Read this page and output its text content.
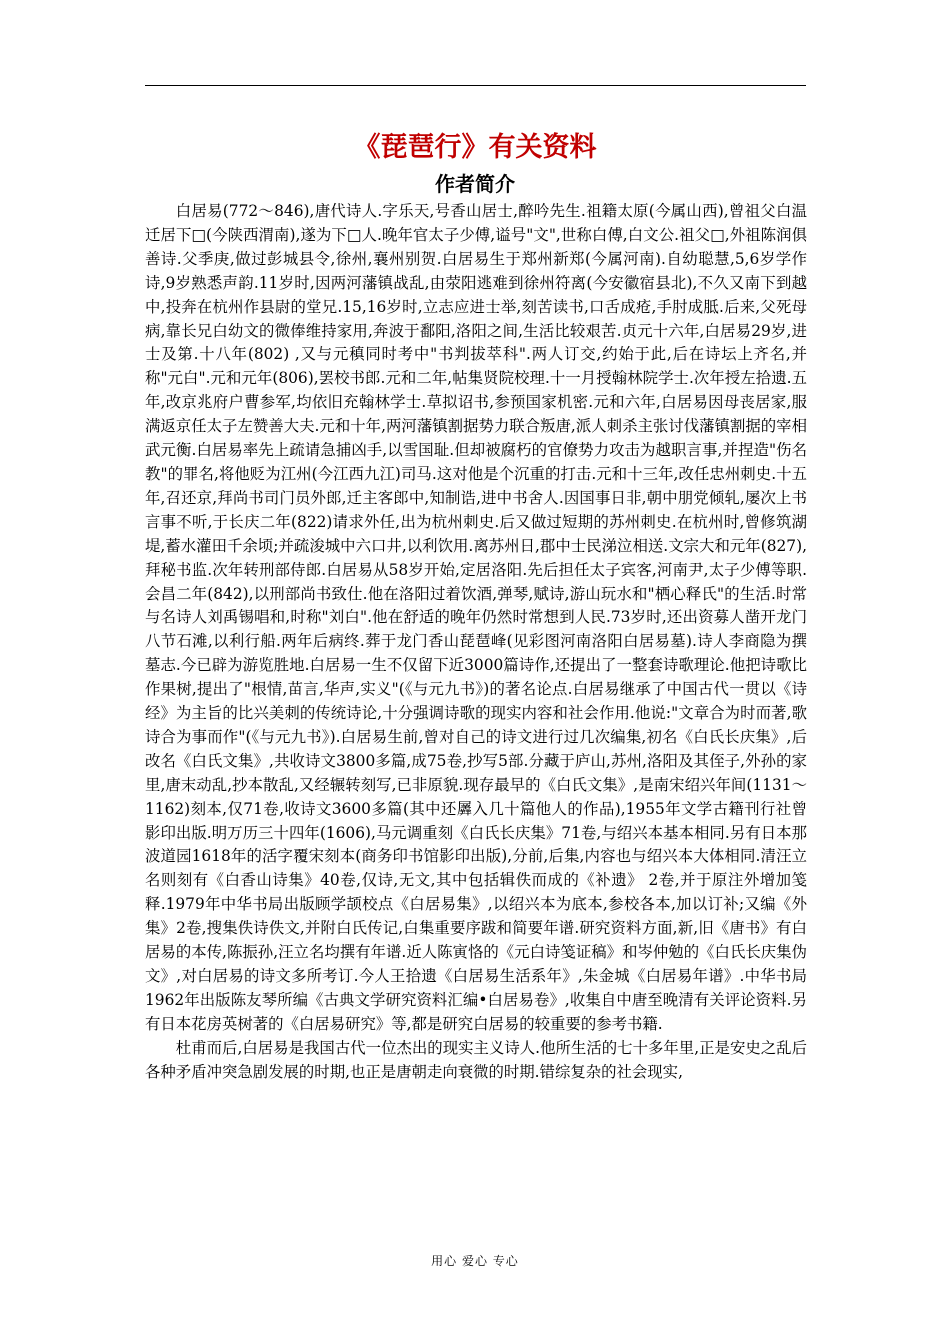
《琵琶行》有关资料
作者简介

白居易(772～846),唐代诗人.字乐天,号香山居士,醉吟先生.祖籍太原(今属山西),曾祖父白温迁居下□(今陕西渭南),遂为下□人.晚年官太子少傅,谥号"文",世称白傅,白文公.祖父□,外祖陈润俱善诗.父季庚,做过彭城县令,徐州,襄州别贺.白居易生于郑州新郑(今属河南).自幼聪慧,5,6岁学作诗,9岁熟悉声韵.11岁时,因两河藩镇战乱,由荥阳逃难到徐州符离(今安徽宿县北),不久又南下到越中,投奔在杭州作县尉的堂兄.15,16岁时,立志应进士举,刻苦读书,口舌成疮,手肘成胝.后来,父死母病,靠长兄白幼文的微俸维持家用,奔波于鄱阳,洛阳之间,生活比较艰苦.贞元十六年,白居易29岁,进士及第.十八年(802) ,又与元稹同时考中"书判拔萃科".两人订交,约始于此,后在诗坛上齐名,并称"元白".元和元年(806),罢校书郎.元和二年,帖集贤院校理.十一月授翰林院学士.次年授左拾遗.五年,改京兆府户曹参军,均依旧充翰林学士.草拟诏书,参预国家机密.元和六年,白居易因母丧居家,服满返京任太子左赞善大夫.元和十年,两河藩镇割据势力联合叛唐,派人刺杀主张讨伐藩镇割据的宰相武元衡.白居易率先上疏请急捕凶手,以雪国耻.但却被腐朽的官僚势力攻击为越职言事,并捏造"伤名教"的罪名,将他贬为江州(今江西九江)司马.这对他是个沉重的打击.元和十三年,改任忠州刺史.十五年,召还京,拜尚书司门员外郎,迁主客郎中,知制诰,进中书舍人.因国事日非,朝中朋党倾轧,屡次上书言事不听,于长庆二年(822)请求外任,出为杭州刺史.后又做过短期的苏州刺史.在杭州时,曾修筑湖堤,蓄水灌田千余顷;并疏浚城中六口井,以利饮用.离苏州日,郡中士民涕泣相送.文宗大和元年(827),拜秘书监.次年转刑部侍郎.白居易从58岁开始,定居洛阳.先后担任太子宾客,河南尹,太子少傅等职.会昌二年(842),以刑部尚书致仕.他在洛阳过着饮酒,弹琴,赋诗,游山玩水和"栖心释氏"的生活.时常与名诗人刘禹锡唱和,时称"刘白".他在舒适的晚年仍然时常想到人民.73岁时,还出资募人凿开龙门八节石滩,以利行船.两年后病终.葬于龙门香山琵琶峰(见彩图河南洛阳白居易墓).诗人李商隐为撰墓志.今已辟为游览胜地.白居易一生不仅留下近3000篇诗作,还提出了一整套诗歌理论.他把诗歌比作果树,提出了"根情,苗言,华声,实义"(《与元九书》)的著名论点.白居易继承了中国古代一贯以《诗经》为主旨的比兴美刺的传统诗论,十分强调诗歌的现实内容和社会作用.他说:"文章合为时而著,歌诗合为事而作"(《与元九书》).白居易生前,曾对自己的诗文进行过几次编集,初名《白氏长庆集》,后改名《白氏文集》,共收诗文3800多篇,成75卷,抄写5部.分藏于庐山,苏州,洛阳及其侄子,外孙的家里,唐末动乱,抄本散乱,又经辗转刻写,已非原貌.现存最早的《白氏文集》,是南宋绍兴年间(1131～1162)刻本,仅71卷,收诗文3600多篇(其中还羼入几十篇他人的作品),1955年文学古籍刊行社曾影印出版.明万历三十四年(1606),马元调重刻《白氏长庆集》71卷,与绍兴本基本相同.另有日本那波道园1618年的活字覆宋刻本(商务印书馆影印出版),分前,后集,内容也与绍兴本大体相同.清汪立名则刻有《白香山诗集》40卷,仅诗,无文,其中包括辑佚而成的《补遗》 2卷,并于原注外增加笺释.1979年中华书局出版顾学颉校点《白居易集》,以绍兴本为底本,参校各本,加以订补;又编《外集》2卷,搜集佚诗佚文,并附白氏传记,白集重要序跋和简要年谱.研究资料方面,新,旧《唐书》有白居易的本传,陈振孙,汪立名均撰有年谱.近人陈寅恪的《元白诗笺证稿》和岑仲勉的《白氏长庆集伪文》,对白居易的诗文多所考订.今人王拾遗《白居易生活系年》,朱金城《白居易年谱》.中华书局1962年出版陈友琴所编《古典文学研究资料汇编•白居易卷》,收集自中唐至晚清有关评论资料.另有日本花房英树著的《白居易研究》等,都是研究白居易的较重要的参考书籍.

杜甫而后,白居易是我国古代一位杰出的现实主义诗人.他所生活的七十多年里,正是安史之乱后各种矛盾冲突急剧发展的时期,也正是唐朝走向衰微的时期.错综复杂的社会现实,

用心 爱心 专心
